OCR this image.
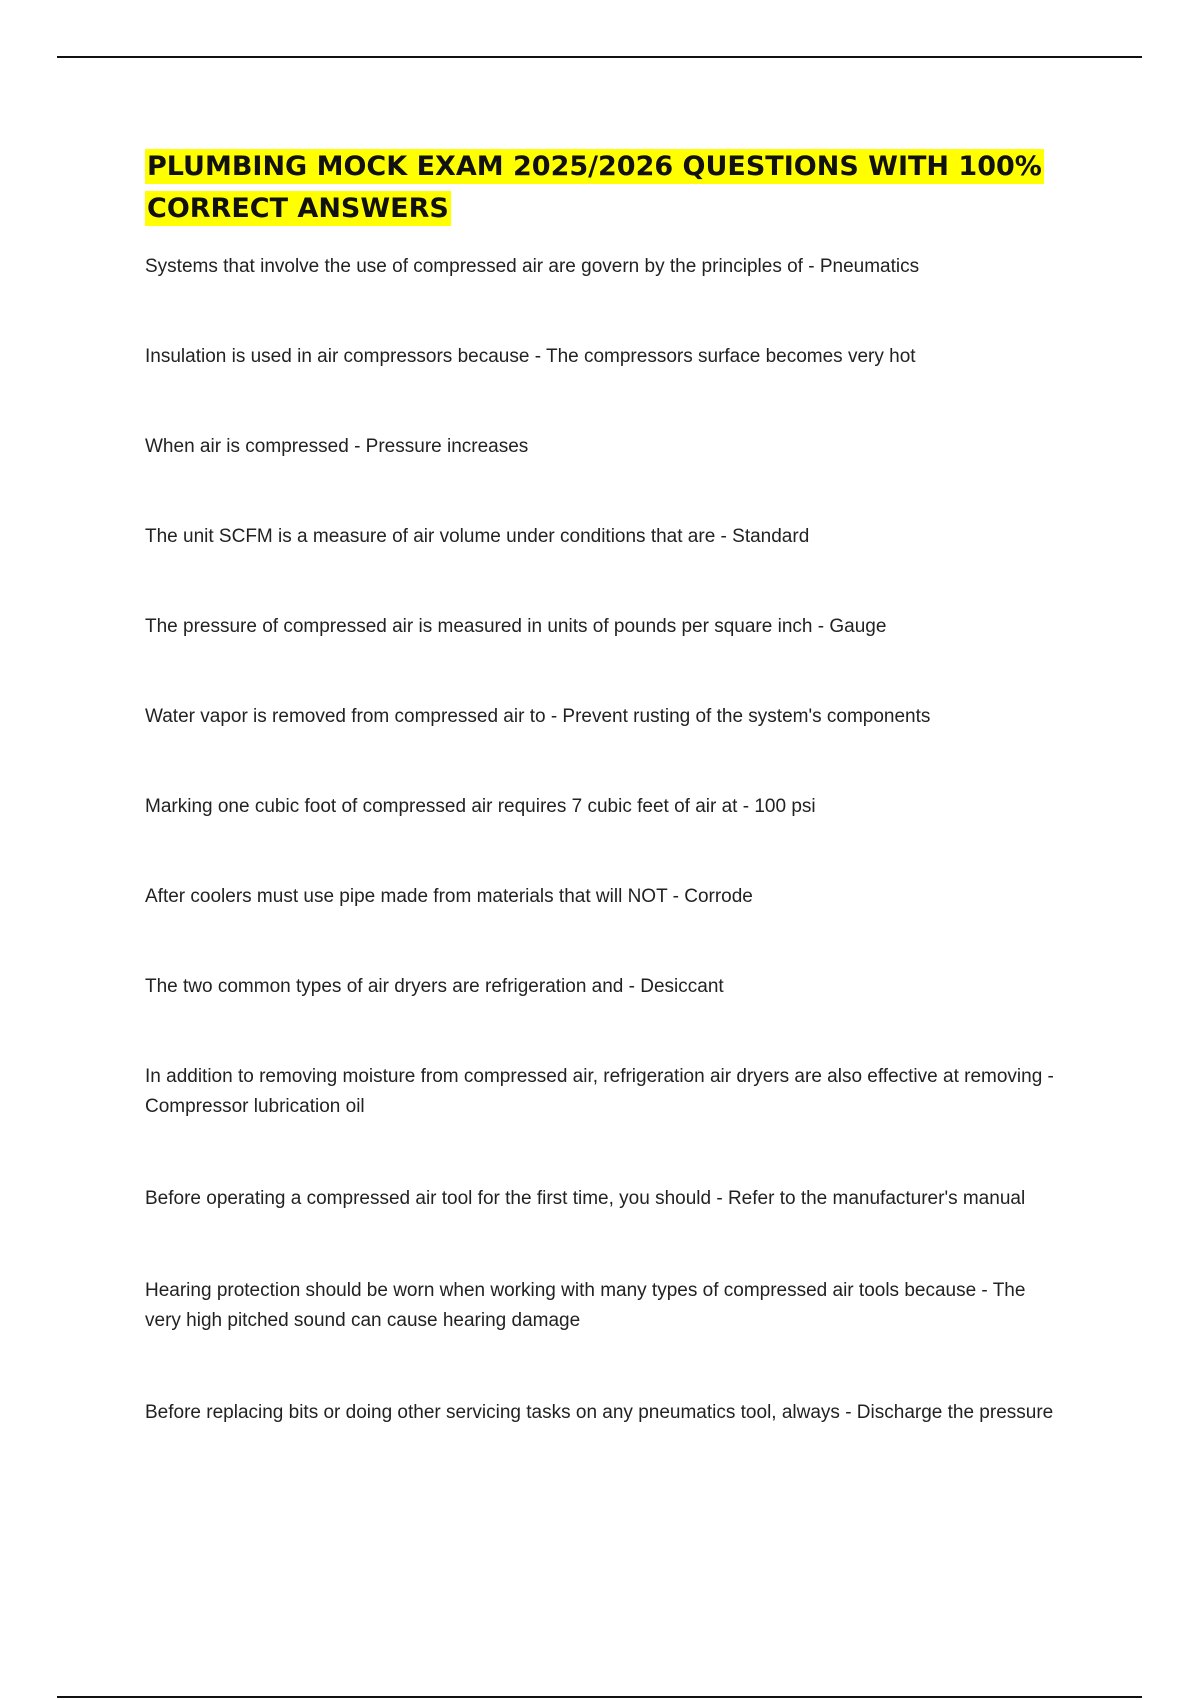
PLUMBING MOCK EXAM 2025/2026 QUESTIONS WITH 100% CORRECT ANSWERS
Systems that involve the use of compressed air are govern by the principles of - Pneumatics
Insulation is used in air compressors because - The compressors surface becomes very hot
When air is compressed - Pressure increases
The unit SCFM is a measure of air volume under conditions that are - Standard
The pressure of compressed air is measured in units of pounds per square inch - Gauge
Water vapor is removed from compressed air to - Prevent rusting of the system's components
Marking one cubic foot of compressed air requires 7 cubic feet of air at - 100 psi
After coolers must use pipe made from materials that will NOT - Corrode
The two common types of air dryers are refrigeration and - Desiccant
In addition to removing moisture from compressed air, refrigeration air dryers are also effective at removing - Compressor lubrication oil
Before operating a compressed air tool for the first time, you should - Refer to the manufacturer's manual
Hearing protection should be worn when working with many types of compressed air tools because - The very high pitched sound can cause hearing damage
Before replacing bits or doing other servicing tasks on any pneumatics tool, always - Discharge the pressure
